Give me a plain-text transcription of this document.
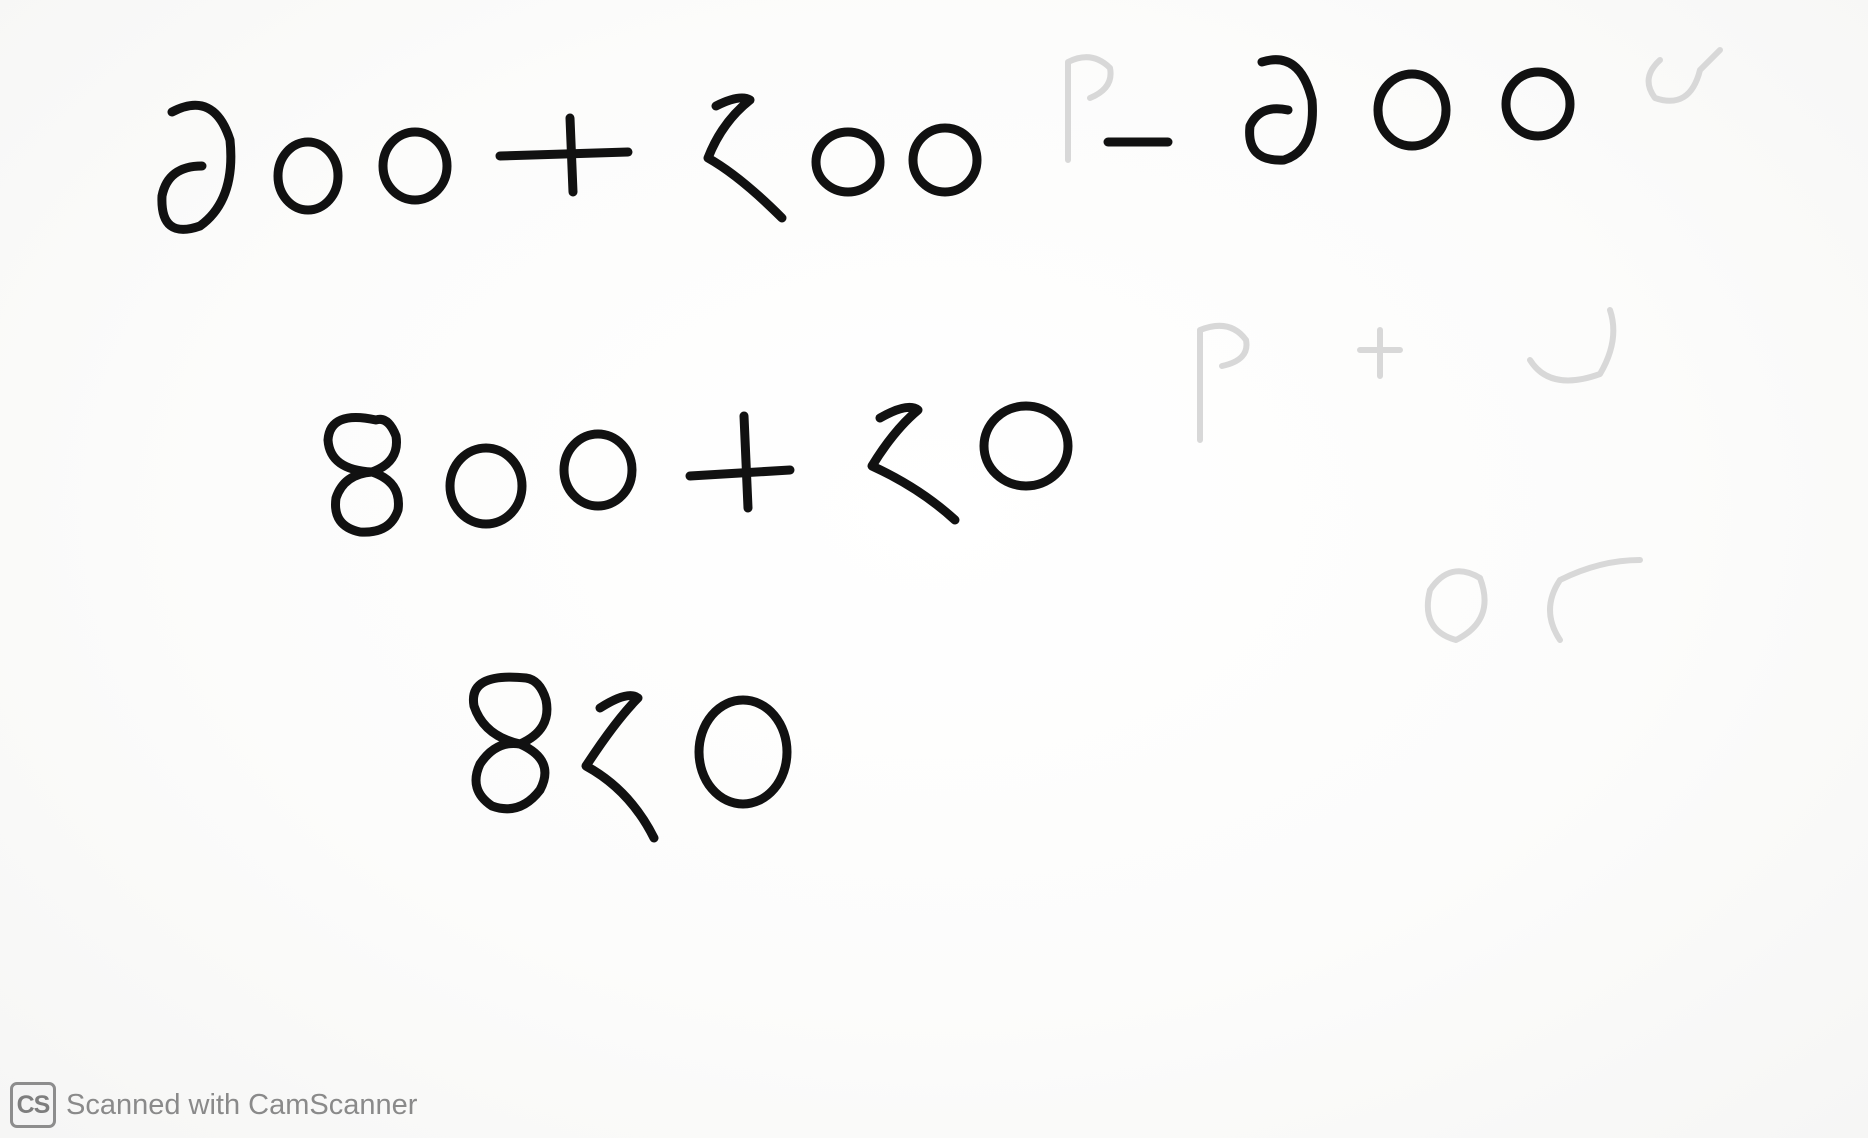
CS Scanned with CamScanner
